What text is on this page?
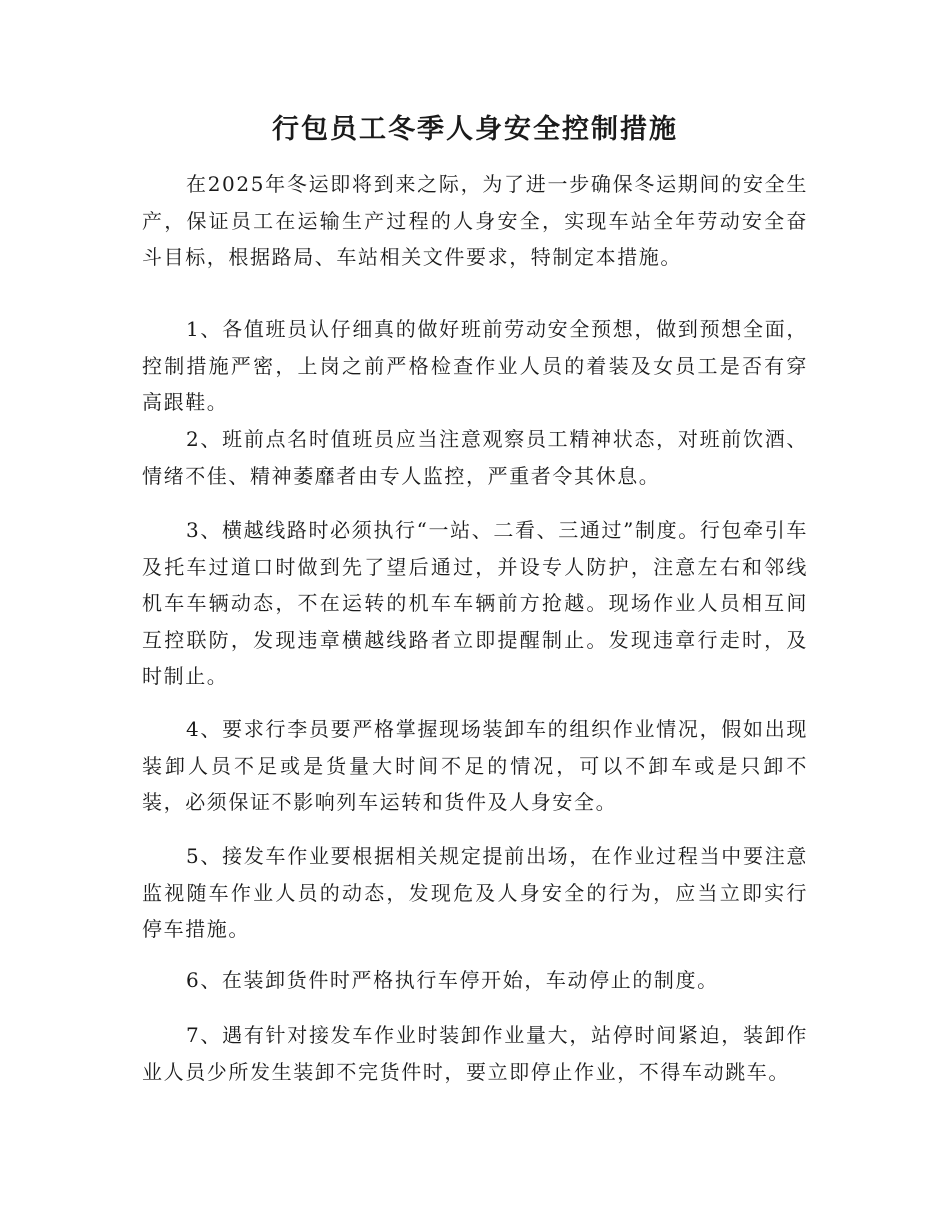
行包员工冬季人身安全控制措施

在2025年冬运即将到来之际，为了进一步确保冬运期间的安全生产，保证员工在运输生产过程的人身安全，实现车站全年劳动安全奋斗目标，根据路局、车站相关文件要求，特制定本措施。

1、各值班员认仔细真的做好班前劳动安全预想，做到预想全面，控制措施严密，上岗之前严格检查作业人员的着装及女员工是否有穿高跟鞋。

2、班前点名时值班员应当注意观察员工精神状态，对班前饮酒、情绪不佳、精神萎靡者由专人监控，严重者令其休息。

3、横越线路时必须执行“一站、二看、三通过”制度。行包牵引车及托车过道口时做到先了望后通过，并设专人防护，注意左右和邻线机车车辆动态，不在运转的机车车辆前方抢越。现场作业人员相互间互控联防，发现违章横越线路者立即提醒制止。发现违章行走时，及时制止。

4、要求行李员要严格掌握现场装卸车的组织作业情况，假如出现装卸人员不足或是货量大时间不足的情况，可以不卸车或是只卸不装，必须保证不影响列车运转和货件及人身安全。

5、接发车作业要根据相关规定提前出场，在作业过程当中要注意监视随车作业人员的动态，发现危及人身安全的行为，应当立即实行停车措施。

6、在装卸货件时严格执行车停开始，车动停止的制度。

7、遇有针对接发车作业时装卸作业量大，站停时间紧迫，装卸作业人员少所发生装卸不完货件时，要立即停止作业，不得车动跳车。
